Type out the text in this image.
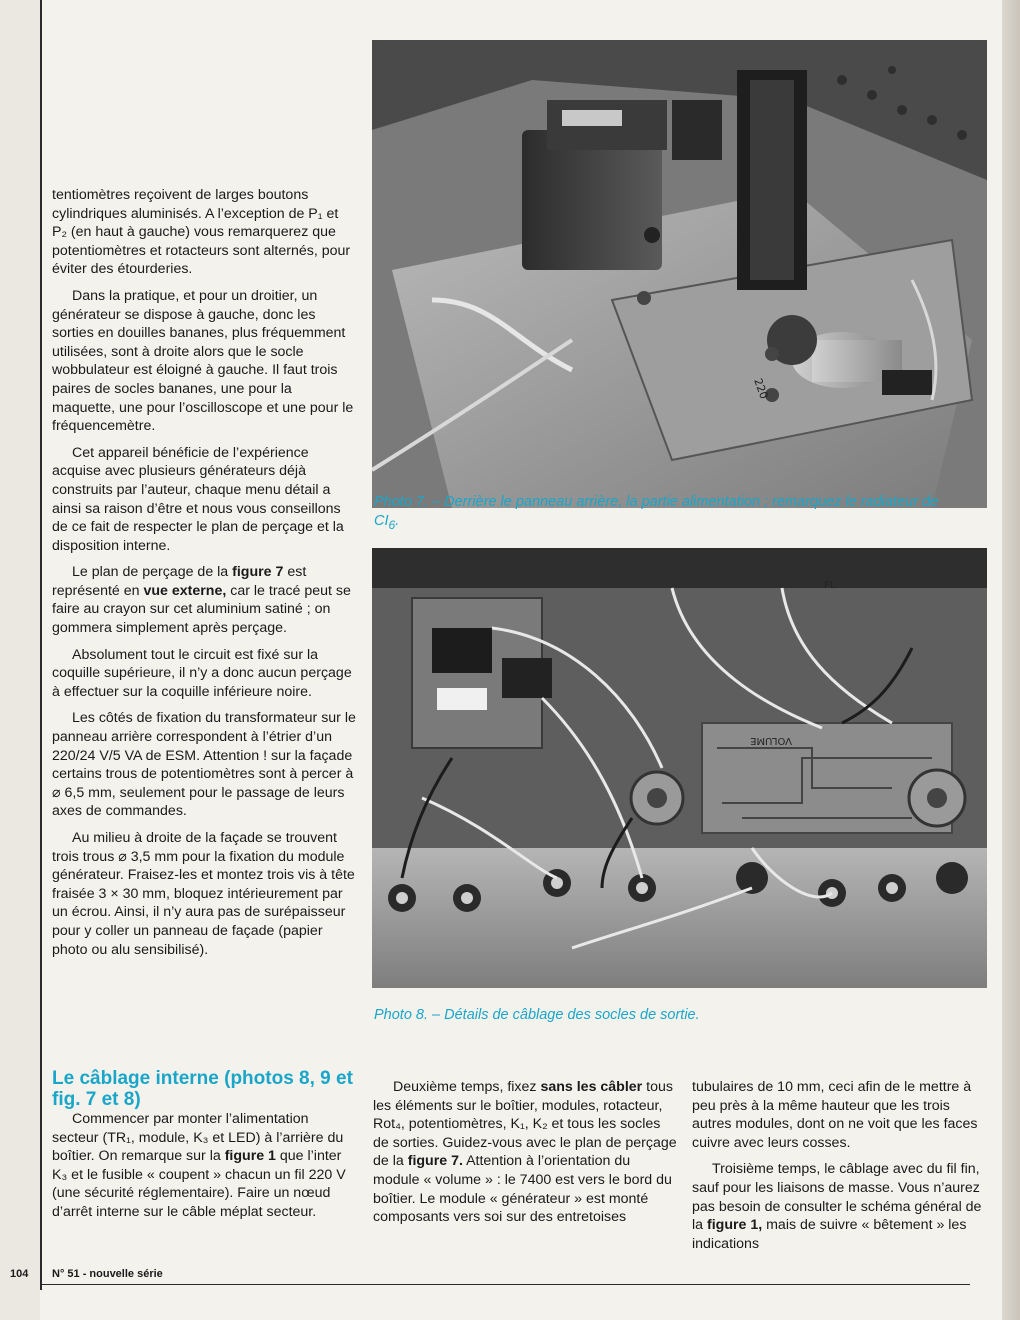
220
Photo 7. – Derrière le panneau arrière, la partie alimentation ; remarquez le radiateur de $CI_6$.
VOLUME
FL
Photo 8. – Détails de câblage des socles de sortie.

tentiomètres reçoivent de larges boutons cylindriques aluminisés. A l’exception de P₁ et P₂ (en haut à gauche) vous remarquerez que potentiomètres et rotacteurs sont alternés, pour éviter des étourderies.

Dans la pratique, et pour un droitier, un générateur se dispose à gauche, donc les sorties en douilles bananes, plus fréquemment utilisées, sont à droite alors que le socle wobbulateur est éloigné à gauche. Il faut trois paires de socles bananes, une pour la maquette, une pour l’oscilloscope et une pour le fréquencemètre.

Cet appareil bénéficie de l’expérience acquise avec plusieurs générateurs déjà construits par l’auteur, chaque menu détail a ainsi sa raison d’être et nous vous conseillons de ce fait de respecter le plan de perçage et la disposition interne.

Le plan de perçage de la figure 7 est représenté en vue externe, car le tracé peut se faire au crayon sur cet aluminium satiné ; on gommera simplement après perçage.

Absolument tout le circuit est fixé sur la coquille supérieure, il n’y a donc aucun perçage à effectuer sur la coquille inférieure noire.

Les côtés de fixation du transformateur sur le panneau arrière correspondent à l’étrier d’un 220/24 V/5 VA de ESM. Attention ! sur la façade certains trous de potentiomètres sont à percer à ⌀ 6,5 mm, seulement pour le passage de leurs axes de commandes.

Au milieu à droite de la façade se trouvent trois trous ⌀ 3,5 mm pour la fixation du module générateur. Fraisez-les et montez trois vis à tête fraisée 3 × 30 mm, bloquez intérieurement par un écrou. Ainsi, il n’y aura pas de surépaisseur pour y coller un panneau de façade (papier photo ou alu sensibilisé).

Le câblage interne (photos 8, 9 et fig. 7 et 8)

Commencer par monter l’alimentation secteur (TR₁, module, K₃ et LED) à l’arrière du boîtier. On remarque sur la figure 1 que l’inter K₃ et le fusible « coupent » chacun un fil 220 V (une sécurité réglementaire). Faire un nœud d’arrêt interne sur le câble méplat secteur.

Deuxième temps, fixez sans les câbler tous les éléments sur le boîtier, modules, rotacteur, Rot₄, potentiomètres, K₁, K₂ et tous les socles de sorties. Guidez-vous avec le plan de perçage de la figure 7. Attention à l’orientation du module « volume » : le 7400 est vers le bord du boîtier. Le module « générateur » est monté composants vers soi sur des entretoises

tubulaires de 10 mm, ceci afin de le mettre à peu près à la même hauteur que les trois autres modules, dont on ne voit que les faces cuivre avec leurs cosses.

Troisième temps, le câblage avec du fil fin, sauf pour les liaisons de masse. Vous n’aurez pas besoin de consulter le schéma général de la figure 1, mais de suivre « bêtement » les indications

104 N° 51 - nouvelle série
